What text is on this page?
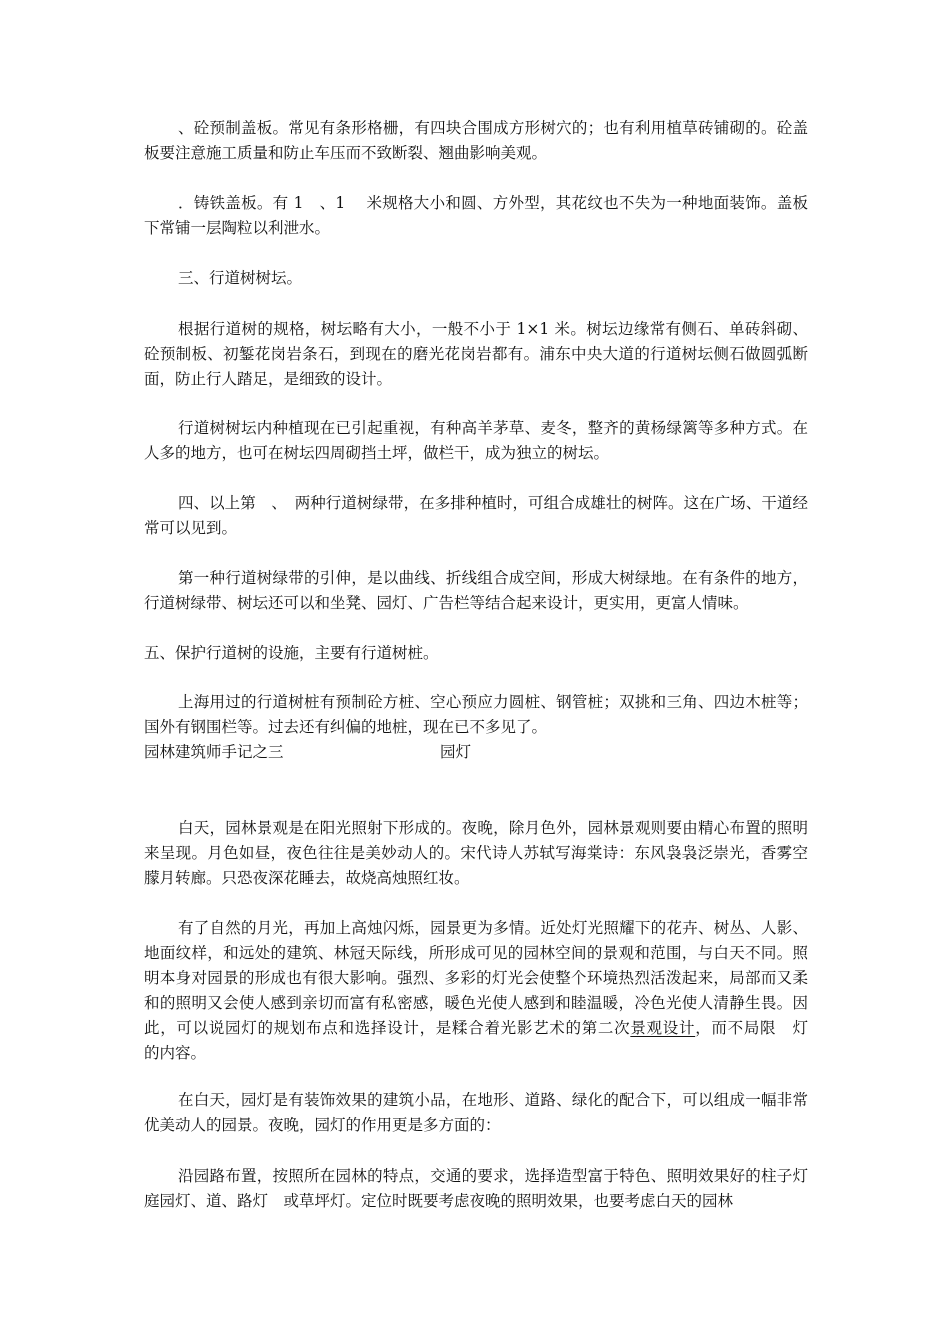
、砼预制盖板。常见有条形格栅，有四块合围成方形树穴的；也有利用植草砖铺砌的。砼盖板要注意施工质量和防止车压而不致断裂、翘曲影响美观。

．铸铁盖板。有 1　、1　 米规格大小和圆、方外型，其花纹也不失为一种地面装饰。盖板下常铺一层陶粒以利泄水。

三、行道树树坛。

根据行道树的规格，树坛略有大小，一般不小于 1×1 米。树坛边缘常有侧石、单砖斜砌、砼预制板、初錾花岗岩条石，到现在的磨光花岗岩都有。浦东中央大道的行道树坛侧石做圆弧断面，防止行人踏足，是细致的设计。

行道树树坛内种植现在已引起重视，有种高羊茅草、麦冬，整齐的黄杨绿篱等多种方式。在人多的地方，也可在树坛四周砌挡土坪，做栏干，成为独立的树坛。

四、以上第　、　两种行道树绿带，在多排种植时，可组合成雄壮的树阵。这在广场、干道经常可以见到。

第一种行道树绿带的引伸，是以曲线、折线组合成空间，形成大树绿地。在有条件的地方，行道树绿带、树坛还可以和坐凳、园灯、广告栏等结合起来设计，更实用，更富人情味。

五、保护行道树的设施，主要有行道树桩。

上海用过的行道树桩有预制砼方桩、空心预应力圆桩、钢管桩；双挑和三角、四边木桩等；国外有钢围栏等。过去还有纠偏的地桩，现在已不多见了。

园林建筑师手记之三	园灯

白天，园林景观是在阳光照射下形成的。夜晚，除月色外，园林景观则要由精心布置的照明来呈现。月色如昼，夜色往往是美妙动人的。宋代诗人苏轼写海棠诗：东风袅袅泛崇光，香雾空朦月转廊。只恐夜深花睡去，故烧高烛照红妆。

有了自然的月光，再加上高烛闪烁，园景更为多情。近处灯光照耀下的花卉、树丛、人影、地面纹样，和远处的建筑、林冠天际线，所形成可见的园林空间的景观和范围，与白天不同。照明本身对园景的形成也有很大影响。强烈、多彩的灯光会使整个环境热烈活泼起来，局部而又柔和的照明又会使人感到亲切而富有私密感，暖色光使人感到和睦温暖，冷色光使人清静生畏。因此，可以说园灯的规划布点和选择设计，是糅合着光影艺术的第二次景观设计，而不局限　灯　的内容。

在白天，园灯是有装饰效果的建筑小品，在地形、道路、绿化的配合下，可以组成一幅非常优美动人的园景。夜晚，园灯的作用更是多方面的：

沿园路布置，按照所在园林的特点，交通的要求，选择造型富于特色、照明效果好的柱子灯　庭园灯、道、路灯　或草坪灯。定位时既要考虑夜晚的照明效果，也要考虑白天的园林
